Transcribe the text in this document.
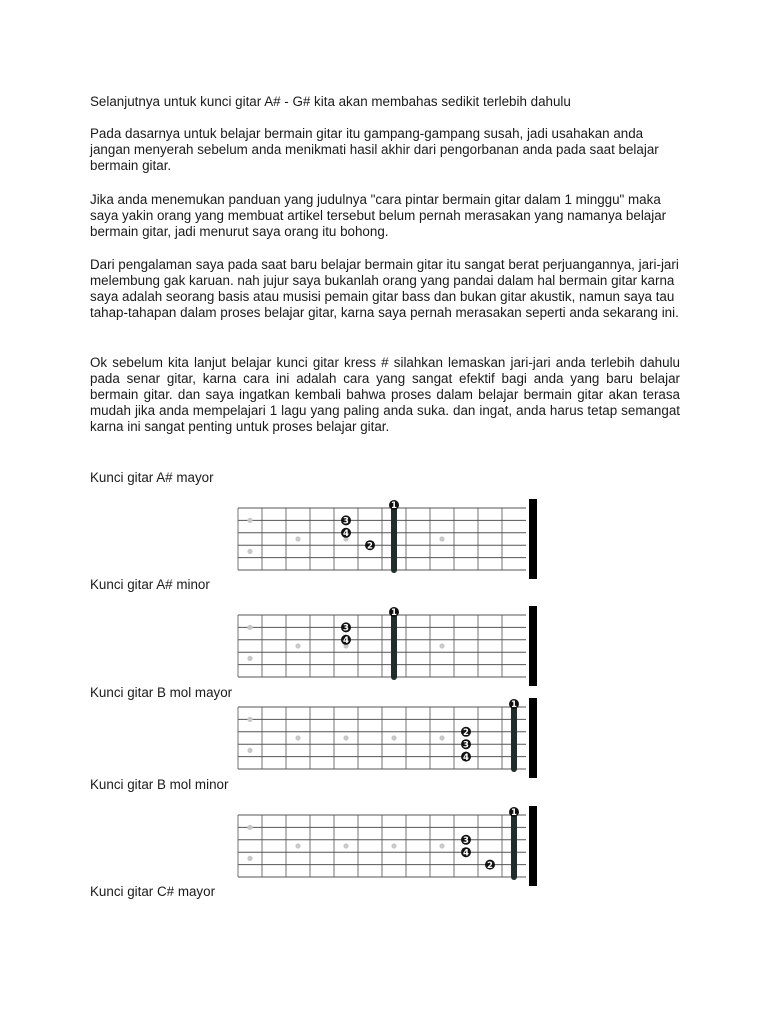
Selanjutnya untuk kunci gitar A# - G# kita akan membahas sedikit terlebih dahulu

Pada dasarnya untuk belajar bermain gitar itu gampang-gampang susah, jadi usahakan anda jangan menyerah sebelum anda menikmati hasil akhir dari pengorbanan anda pada saat belajar bermain gitar.

Jika anda menemukan panduan yang judulnya "cara pintar bermain gitar dalam 1 minggu" maka saya yakin orang yang membuat artikel tersebut belum pernah merasakan yang namanya belajar bermain gitar, jadi menurut saya orang itu bohong.

Dari pengalaman saya pada saat baru belajar bermain gitar itu sangat berat perjuangannya, jari-jari melembung gak karuan. nah jujur saya bukanlah orang yang pandai dalam hal bermain gitar karna saya adalah seorang basis atau musisi pemain gitar bass dan bukan gitar akustik, namun saya tau tahap-tahapan dalam proses belajar gitar, karna saya pernah merasakan seperti anda sekarang ini.

Ok sebelum kita lanjut belajar kunci gitar kress # silahkan lemaskan jari-jari anda terlebih dahulu pada senar gitar, karna cara ini adalah cara yang sangat efektif bagi anda yang baru belajar bermain gitar. dan saya ingatkan kembali bahwa proses dalam belajar bermain gitar akan terasa mudah jika anda mempelajari 1 lagu yang paling anda suka. dan ingat, anda harus tetap semangat karna ini sangat penting untuk proses belajar gitar.

Kunci gitar A# mayor

1
3
4
2

Kunci gitar A# minor

1
3
4

Kunci gitar B mol mayor

1
2
3
4

Kunci gitar B mol minor

1
3
4
2

Kunci gitar C# mayor
